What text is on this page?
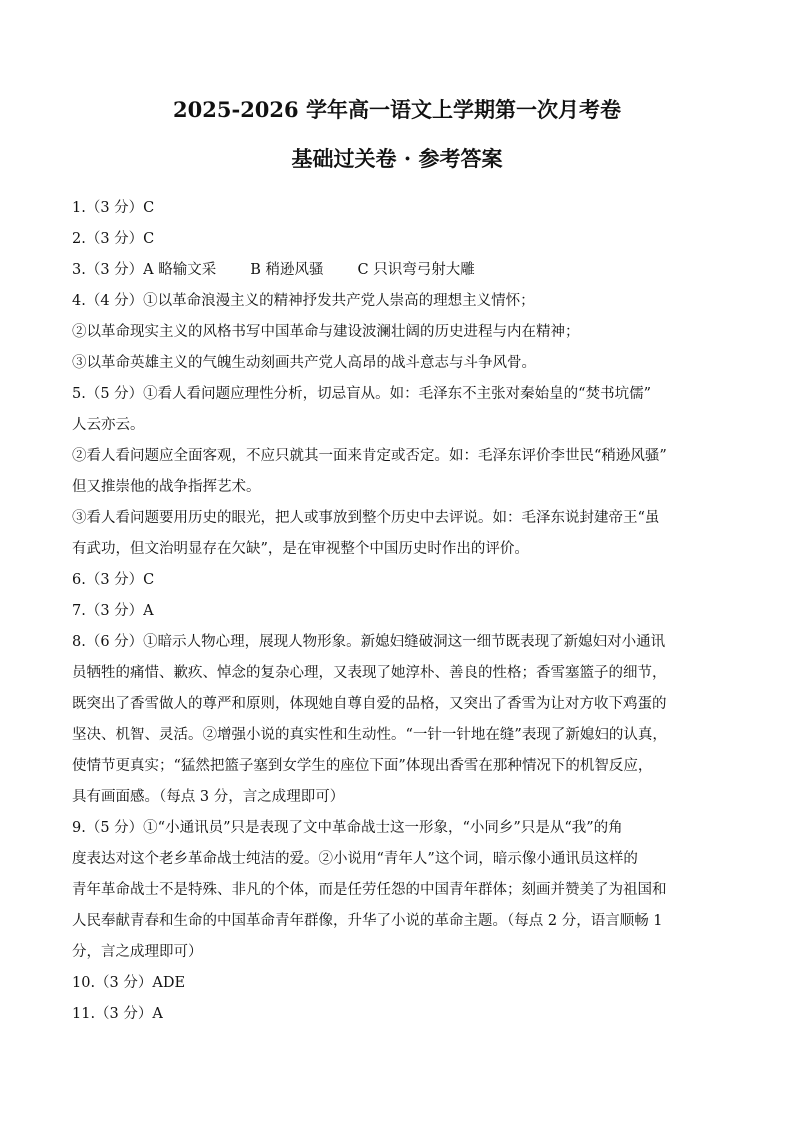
2025-2026 学年高一语文上学期第一次月考卷
基础过关卷 · 参考答案
1.（3 分）C
2.（3 分）C
3.（3 分）A 略输文采 B 稍逊风骚 C 只识弯弓射大雕
4.（4 分）①以革命浪漫主义的精神抒发共产党人崇高的理想主义情怀；
②以革命现实主义的风格书写中国革命与建设波澜壮阔的历史进程与内在精神；
③以革命英雄主义的气魄生动刻画共产党人高昂的战斗意志与斗争风骨。
5.（5 分）①看人看问题应理性分析，切忌盲从。如：毛泽东不主张对秦始皇的“焚书坑儒”
人云亦云。
②看人看问题应全面客观，不应只就其一面来肯定或否定。如：毛泽东评价李世民“稍逊风骚”
但又推崇他的战争指挥艺术。
③看人看问题要用历史的眼光，把人或事放到整个历史中去评说。如：毛泽东说封建帝王“虽
有武功，但文治明显存在欠缺”，是在审视整个中国历史时作出的评价。
6.（3 分）C
7.（3 分）A
8.（6 分）①暗示人物心理，展现人物形象。新媳妇缝破洞这一细节既表现了新媳妇对小通讯
员牺牲的痛惜、歉疚、悼念的复杂心理，又表现了她淳朴、善良的性格；香雪塞篮子的细节，
既突出了香雪做人的尊严和原则，体现她自尊自爱的品格，又突出了香雪为让对方收下鸡蛋的
坚决、机智、灵活。②增强小说的真实性和生动性。“一针一针地在缝”表现了新媳妇的认真，
使情节更真实；“猛然把篮子塞到女学生的座位下面”体现出香雪在那种情况下的机智反应，
具有画面感。（每点 3 分，言之成理即可）
9.（5 分）①“小通讯员”只是表现了文中革命战士这一形象，“小同乡”只是从“我”的角
度表达对这个老乡革命战士纯洁的爱。②小说用“青年人”这个词，暗示像小通讯员这样的
青年革命战士不是特殊、非凡的个体，而是任劳任怨的中国青年群体；刻画并赞美了为祖国和
人民奉献青春和生命的中国革命青年群像，升华了小说的革命主题。（每点 2 分，语言顺畅 1
分，言之成理即可）
10.（3 分）ADE
11.（3 分）A
